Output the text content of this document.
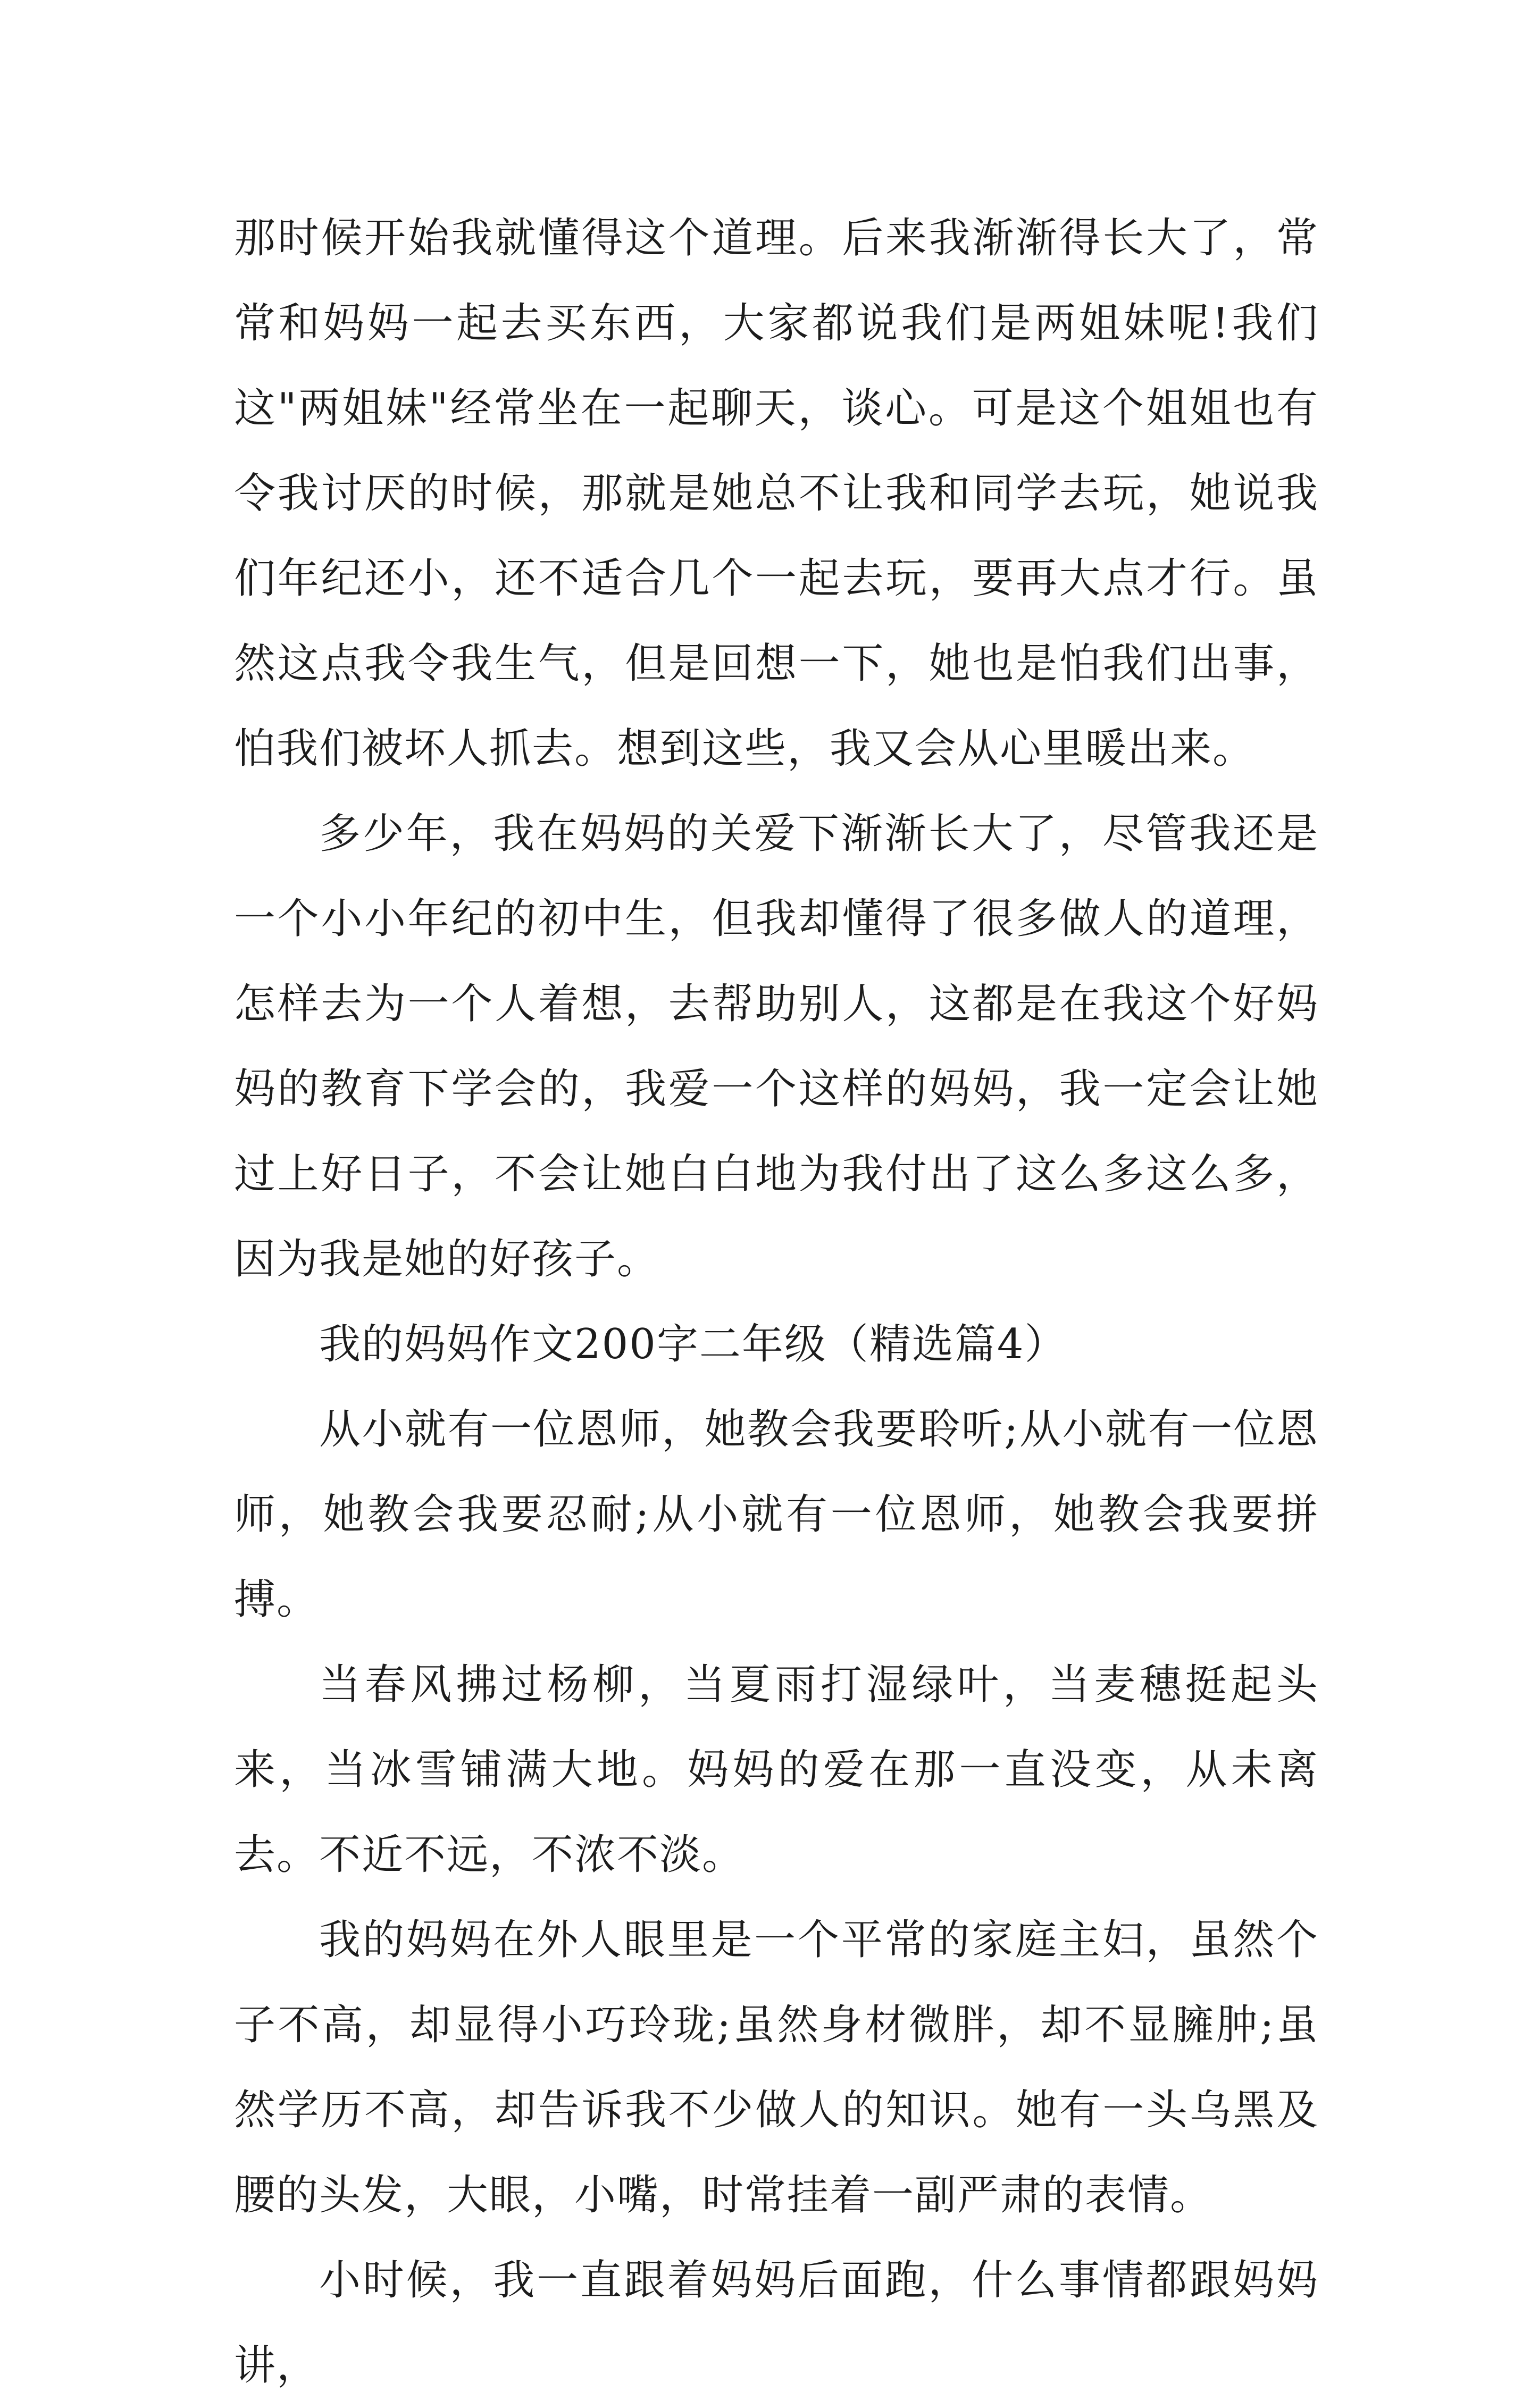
那时候开始我就懂得这个道理。后来我渐渐得长大了，常常和妈妈一起去买东西，大家都说我们是两姐妹呢!我们这"两姐妹"经常坐在一起聊天，谈心。可是这个姐姐也有令我讨厌的时候，那就是她总不让我和同学去玩，她说我们年纪还小，还不适合几个一起去玩，要再大点才行。虽然这点我令我生气，但是回想一下，她也是怕我们出事，怕我们被坏人抓去。想到这些，我又会从心里暖出来。

多少年，我在妈妈的关爱下渐渐长大了，尽管我还是一个小小年纪的初中生，但我却懂得了很多做人的道理，怎样去为一个人着想，去帮助别人，这都是在我这个好妈妈的教育下学会的，我爱一个这样的妈妈，我一定会让她过上好日子，不会让她白白地为我付出了这么多这么多，因为我是她的好孩子。

我的妈妈作文200字二年级（精选篇4）

从小就有一位恩师，她教会我要聆听;从小就有一位恩师，她教会我要忍耐;从小就有一位恩师，她教会我要拼搏。

当春风拂过杨柳，当夏雨打湿绿叶，当麦穗挺起头来，当冰雪铺满大地。妈妈的爱在那一直没变，从未离去。不近不远，不浓不淡。

我的妈妈在外人眼里是一个平常的家庭主妇，虽然个子不高，却显得小巧玲珑;虽然身材微胖，却不显臃肿;虽然学历不高，却告诉我不少做人的知识。她有一头乌黑及腰的头发，大眼，小嘴，时常挂着一副严肃的表情。

小时候，我一直跟着妈妈后面跑，什么事情都跟妈妈讲，
